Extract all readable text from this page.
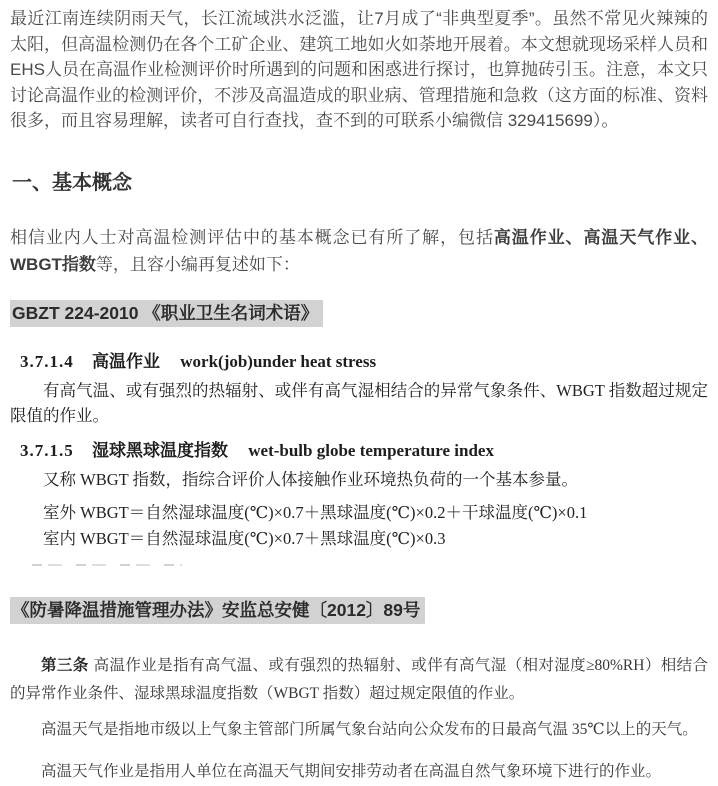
最近江南连续阴雨天气，长江流域洪水泛滥，让7月成了“非典型夏季”。虽然不常见火辣辣的太阳，但高温检测仍在各个工矿企业、建筑工地如火如荼地开展着。本文想就现场采样人员和EHS人员在高温作业检测评价时所遇到的问题和困惑进行探讨，也算抛砖引玉。注意，本文只讨论高温作业的检测评价，不涉及高温造成的职业病、管理措施和急救（这方面的标准、资料很多，而且容易理解，读者可自行查找，查不到的可联系小编微信 329415699）。

一、基本概念

相信业内人士对高温检测评估中的基本概念已有所了解，包括高温作业、高温天气作业、WBGT指数等，且容小编再复述如下：

GBZT 224-2010 《职业卫生名词术语》
3.7.1.4 高温作业 work(job)under heat stress

有高气温、或有强烈的热辐射、或伴有高气湿相结合的异常气象条件、WBGT 指数超过规定限值的作业。

3.7.1.5 湿球黑球温度指数 wet-bulb globe temperature index

又称 WBGT 指数，指综合评价人体接触作业环境热负荷的一个基本参量。

室外 WBGT＝自然湿球温度(℃)×0.7＋黑球温度(℃)×0.2＋干球温度(℃)×0.1

室内 WBGT＝自然湿球温度(℃)×0.7＋黑球温度(℃)×0.3

《防暑降温措施管理办法》安监总安健〔2012〕89号

第三条 高温作业是指有高气温、或有强烈的热辐射、或伴有高气湿（相对湿度≥80%RH）相结合的异常作业条件、湿球黑球温度指数（WBGT 指数）超过规定限值的作业。

高温天气是指地市级以上气象主管部门所属气象台站向公众发布的日最高气温 35℃以上的天气。

高温天气作业是指用人单位在高温天气期间安排劳动者在高温自然气象环境下进行的作业。
